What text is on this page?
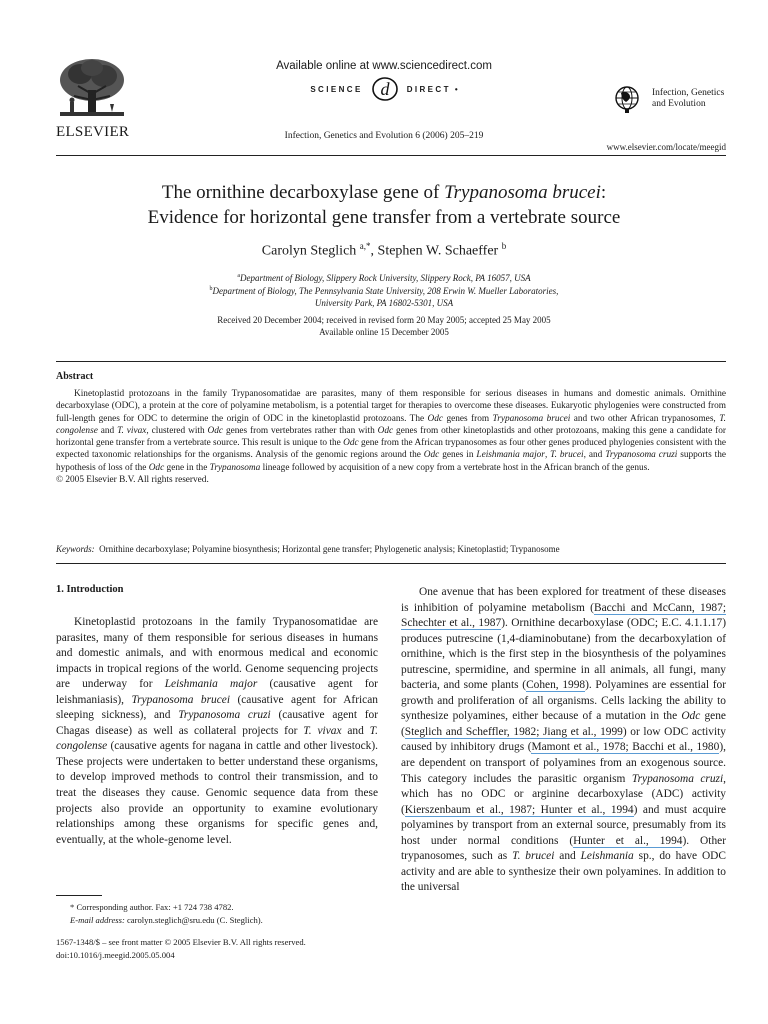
ELSEVIER
Available online at www.sciencedirect.com
SCIENCE d DIRECT •
Infection, Genetics and Evolution 6 (2006) 205–219

Infection, Genetics
and Evolution
www.elsevier.com/locate/meegid
The ornithine decarboxylase gene of Trypanosoma brucei:
Evidence for horizontal gene transfer from a vertebrate source
Carolyn Steglich $^{a,*}$, Stephen W. Schaeffer $^b$
$^a$Department of Biology, Slippery Rock University, Slippery Rock, PA 16057, USA
$^b$Department of Biology, The Pennsylvania State University, 208 Erwin W. Mueller Laboratories,
University Park, PA 16802-5301, USA
Received 20 December 2004; received in revised form 20 May 2005; accepted 25 May 2005
Available online 15 December 2005
Abstract

Kinetoplastid protozoans in the family Trypanosomatidae are parasites, many of them responsible for serious diseases in humans and domestic animals. Ornithine decarboxylase (ODC), a protein at the core of polyamine metabolism, is a potential target for therapies to overcome these diseases. Eukaryotic phylogenies were constructed from full-length genes for ODC to determine the origin of ODC in the kinetoplastid protozoans. The Odc genes from Trypanosoma brucei and two other African trypanosomes, T. congolense and T. vivax, clustered with Odc genes from vertebrates rather than with Odc genes from other kinetoplastids and other protozoans, making this gene a candidate for horizontal gene transfer from a vertebrate source. This result is unique to the Odc gene from the African trypanosomes as four other genes produced phylogenies consistent with the expected taxonomic relationships for the organisms. Analysis of the genomic regions around the Odc genes in Leishmania major, T. brucei, and Trypanosoma cruzi supports the hypothesis of loss of the Odc gene in the Trypanosoma lineage followed by acquisition of a new copy from a vertebrate host in the African branch of the genus.

© 2005 Elsevier B.V. All rights reserved.

Keywords: Ornithine decarboxylase; Polyamine biosynthesis; Horizontal gene transfer; Phylogenetic analysis; Kinetoplastid; Trypanosome
1. Introduction

Kinetoplastid protozoans in the family Trypanosomatidae are parasites, many of them responsible for serious diseases in humans and domestic animals, and with enormous medical and economic impacts in tropical regions of the world. Genome sequencing projects are underway for Leishmania major (causative agent for leishmaniasis), Trypanosoma brucei (causative agent for African sleeping sickness), and Trypanosoma cruzi (causative agent for Chagas disease) as well as collateral projects for T. vivax and T. congolense (causative agents for nagana in cattle and other livestock). These projects were undertaken to better understand these organisms, to develop improved methods to control their transmission, and to treat the diseases they cause. Genomic sequence data from these projects also provide an opportunity to examine evolutionary relationships among these organisms for specific genes and, eventually, at the whole-genome level.

One avenue that has been explored for treatment of these diseases is inhibition of polyamine metabolism (Bacchi and McCann, 1987; Schechter et al., 1987). Ornithine decarboxylase (ODC; E.C. 4.1.1.17) produces putrescine (1,4-diaminobutane) from the decarboxylation of ornithine, which is the first step in the biosynthesis of the polyamines putrescine, spermidine, and spermine in all animals, all fungi, many bacteria, and some plants (Cohen, 1998). Polyamines are essential for growth and proliferation of all organisms. Cells lacking the ability to synthesize polyamines, either because of a mutation in the Odc gene (Steglich and Scheffler, 1982; Jiang et al., 1999) or low ODC activity caused by inhibitory drugs (Mamont et al., 1978; Bacchi et al., 1980), are dependent on transport of polyamines from an exogenous source. This category includes the parasitic organism Trypanosoma cruzi, which has no ODC or arginine decarboxylase (ADC) activity (Kierszenbaum et al., 1987; Hunter et al., 1994) and must acquire polyamines by transport from an external source, presumably from its host under normal conditions (Hunter et al., 1994). Other trypanosomes, such as T. brucei and Leishmania sp., do have ODC activity and are able to synthesize their own polyamines. In addition to the universal

* Corresponding author. Fax: +1 724 738 4782.
E-mail address: carolyn.steglich@sru.edu (C. Steglich).
1567-1348/$ – see front matter © 2005 Elsevier B.V. All rights reserved.
doi:10.1016/j.meegid.2005.05.004
